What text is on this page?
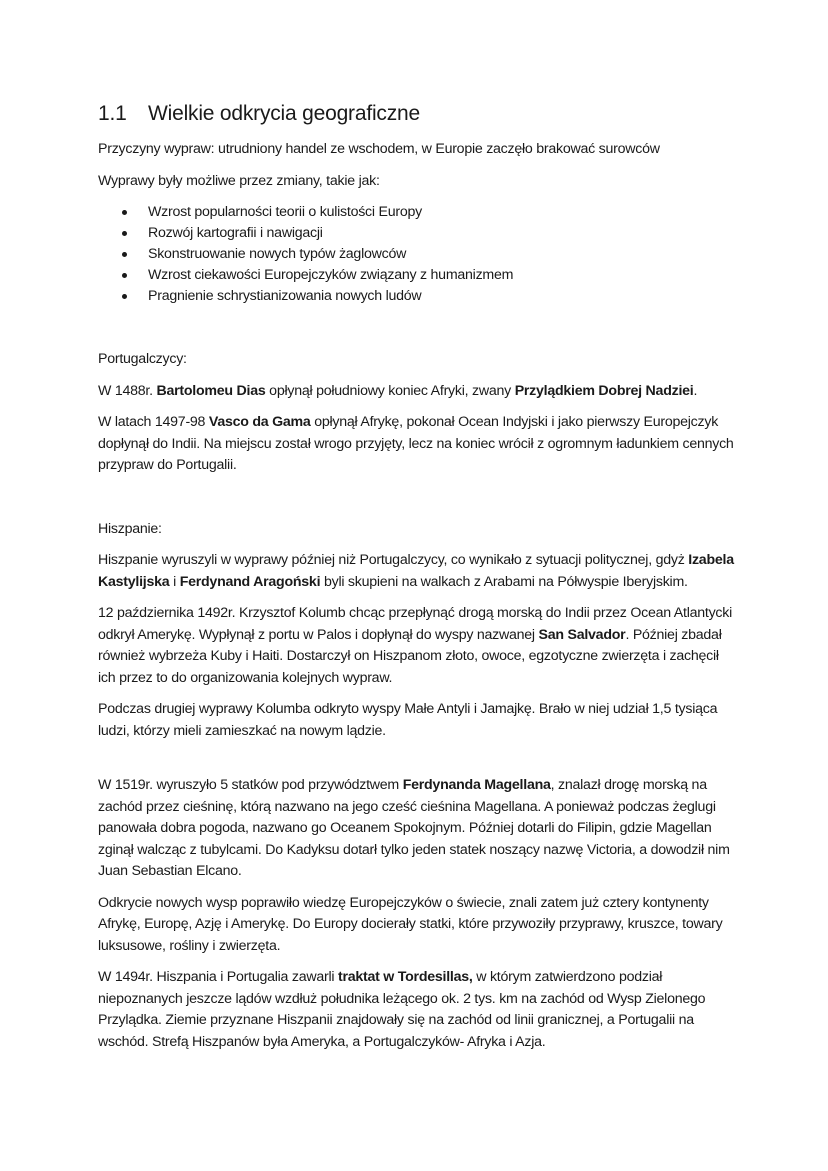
1.1 Wielkie odkrycia geograficzne

Przyczyny wypraw: utrudniony handel ze wschodem, w Europie zaczęło brakować surowców

Wyprawy były możliwe przez zmiany, takie jak:

Wzrost popularności teorii o kulistości Europy
Rozwój kartografii i nawigacji
Skonstruowanie nowych typów żaglowców
Wzrost ciekawości Europejczyków związany z humanizmem
Pragnienie schrystianizowania nowych ludów

Portugalczycy:

W 1488r. Bartolomeu Dias opłynął południowy koniec Afryki, zwany Przylądkiem Dobrej Nadziei.

W latach 1497-98 Vasco da Gama opłynął Afrykę, pokonał Ocean Indyjski i jako pierwszy Europejczyk dopłynął do Indii. Na miejscu został wrogo przyjęty, lecz na koniec wrócił z ogromnym ładunkiem cennych przypraw do Portugalii.

Hiszpanie:

Hiszpanie wyruszyli w wyprawy później niż Portugalczycy, co wynikało z sytuacji politycznej, gdyż Izabela Kastylijska i Ferdynand Aragoński byli skupieni na walkach z Arabami na Półwyspie Iberyjskim.

12 października 1492r. Krzysztof Kolumb chcąc przepłynąć drogą morską do Indii przez Ocean Atlantycki odkrył Amerykę. Wypłynął z portu w Palos i dopłynął do wyspy nazwanej San Salvador. Później zbadał również wybrzeża Kuby i Haiti. Dostarczył on Hiszpanom złoto, owoce, egzotyczne zwierzęta i zachęcił ich przez to do organizowania kolejnych wypraw.

Podczas drugiej wyprawy Kolumba odkryto wyspy Małe Antyli i Jamajkę. Brało w niej udział 1,5 tysiąca ludzi, którzy mieli zamieszkać na nowym lądzie.

W 1519r. wyruszyło 5 statków pod przywództwem Ferdynanda Magellana, znalazł drogę morską na zachód przez cieśninę, którą nazwano na jego cześć cieśnina Magellana. A ponieważ podczas żeglugi panowała dobra pogoda, nazwano go Oceanem Spokojnym. Później dotarli do Filipin, gdzie Magellan zginął walcząc z tubylcami. Do Kadyksu dotarł tylko jeden statek noszący nazwę Victoria, a dowodził nim Juan Sebastian Elcano.

Odkrycie nowych wysp poprawiło wiedzę Europejczyków o świecie, znali zatem już cztery kontynenty Afrykę, Europę, Azję i Amerykę. Do Europy docierały statki, które przywoziły przyprawy, kruszce, towary luksusowe, rośliny i zwierzęta.

W 1494r. Hiszpania i Portugalia zawarli traktat w Tordesillas, w którym zatwierdzono podział niepoznanych jeszcze lądów wzdłuż południka leżącego ok. 2 tys. km na zachód od Wysp Zielonego Przylądka. Ziemie przyznane Hiszpanii znajdowały się na zachód od linii granicznej, a Portugalii na wschód. Strefą Hiszpanów była Ameryka, a Portugalczyków- Afryka i Azja.
